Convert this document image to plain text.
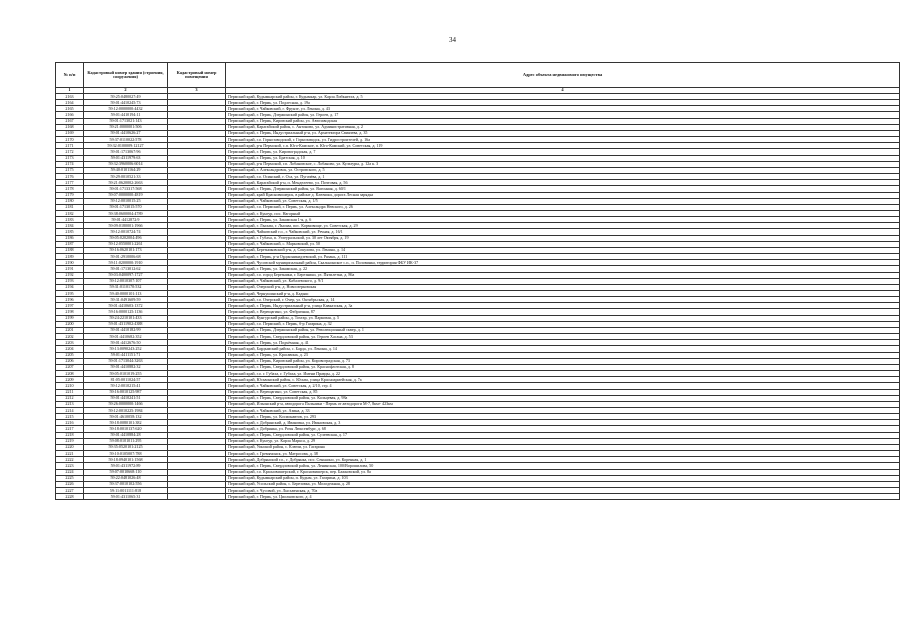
34
№ п/п	Кадастровый номер здания (строения, сооружения)	Кадастровый номер помещения	Адрес объекта недвижимого имущества
1	2	3	4
2163	59:25:0480027:49		Пермский край, Кудымкарский район, г. Кудымкар, ул. Карла Либкнехта, д. 5
2164	59:01:4410245:73		Пермский край, г. Пермь, ул. Подлесная, д. 19а
2165	59:12:0000000:4432		Пермский край, г. Чайковский, г. Фрунзе, ул. Ленина, д. 43
2166	59:01:4410194:11		Пермский край, г. Пермь, Дзержинский район, ул. Героев, д. 17
2167	59:01:1713021:143		Пермский край, г. Пермь, Кировский район, ул. Автозаводская
2168	59:21:0000001:506		Пермский край, Карагайский район, с. Антоново, ул. Административная, д. 2
2169	59:01:4410626:27		Пермский край, г. Пермь, Индустриальный р-н, ул. Архитектора Свиязева, д. 35
2170	59:37:0110022:578		Пермский край, г.о. Горнозаводский, г. Горнозаводск, ул. Гидростроителей, д. 16а
2171	59:32:0100009:12127		Пермский край, р-н Пермский, с.п. Юго-Камское, п. Юго-Камский, ул. Советская, д. 119
2172	59:01:1713067:96		Пермский край, г. Пермь, ул. Кировоградская, д. 7
2173	59:01:4311979:63		Пермский край, г. Пермь, ул. Братская, д. 10
2174	59:32:3960006:6014		Пермский край, р-н Пермский, г.п. Лобановское, с. Лобаново, ул. Культуры, д. 12а к. 3
2175	59:40:0101164:29		Пермский край, г. Александровск, ул. Островского, д. 5
2176	59:29:0010521:33		Пермский край, г.о. Осинский, г. Оса, ул. Пугачёва, д. 1
2177	59:21:0620002:2663		Пермский край, Карагайский р-н, п. Менделеево, ул. Почтовая, д. 56
2178	59:01:1713317:568		Пермский край, г. Пермь, Дзержинский район, ул. Вагонная, д. 60/1
2179	59:07:0000000:4819		Пермский край, край Красновишерск, в районе д. Ключики, дорога Лесная зарядка
2180	59:12:0010015:25		Пермский край, г. Чайковский, ул. Советская, д. 1/5
2181	59:01:1713015:570		Пермский край, г.о. Пермский, г. Пермь, ул. Александра Невского, д. 26
2182	59:38:0600004:4789		Пермский край, г. Кунгур, пос. Нагорный
2183	59:01:4412872:9		Пермский край, г. Пермь, ул. Закамская 1-я, д. 6
2184	59:09:0180001:1966		Пермский край, г. Лысьва, г. Лысьва, пос. Кормовище, ул. Советская, д. 29
2185	59:12:0010724:74		Пермский край, Чайковский г.о., г. Чайковский, ул. Речная, д. 16/1
2186	59:05:0202004:496		Пермский край, г. Губаха, п. Углеуральский, ул. 30 лет Октября, д. 19
2187	59:12:0550001:2261		Пермский край, г. Чайковский, с. Марковский, ул. 50
2188	59:16:0620101:173		Пермский край, Березниковский р-н, д. Сокулова, ул. Ленина, д. 14
2189	59:01:2910006:68		Пермский край, г. Пермь, р-н Орджоникидзевский, ул. Рязань, д. 111
2190	59:11:0200000:1910		Пермский край, Чусовской муниципальный район, Скальнинское с.п., п. Половинка, территория ФБУ ИК-37
2191	59:01:1713012:62		Пермский край, г. Пермь, ул. Закамская, д. 22
2192	59:03:0400097:1727		Пермский край, г.о. город Березники, г. Березники, ул. Пятилетки, д. 86а
2193	59:12:0010307:107		Пермский край, г. Чайковский, ул. Кабалевского, д. 9/1
2194	59:31:0110170:532		Пермский край, Очерский р-н, д. Новоозерковская
2195	59:40:0000101:113		Пермский край, Чернушинский р-н, д. Кадыш
2196	59:31:0491609:59		Пермский край, г.о. Очерский, г. Очер, ул. Октябрьская, д. 14
2197	59:01:4410603:1372		Пермский край, г. Пермь, Индустриальный р-н, улица Кавказская, д. 3а
2198	59:16:0000125:1136		Пермский край, г. Верещагино, ул. Фабричная, 87
2199	59:24:2210101:433		Пермский край, Кунгурский район, д. Тохтар, ул. Парковая, д. 5
2200	59:01:4311902:4388		Пермский край, г.о. Пермский, г. Пермь, б-р Гагарина, д. 32
2201	59:01:4410182:99		Пермский край, г. Пермь, Дзержинский район, ул. Революционный сквер, д. 1
2202	59:01:4410682:352		Пермский край, г. Пермь, Свердловский район, ул. Героев Хасана, д. 53
2203	59:01:4412676:50		Пермский край, г. Пермь, ул. Подъёмная, д. 41
2204	59:13:0090243:252		Пермский край, Бардымский район, с. Барда, ул. Ленина, д. 14
2205	59:01:4411151:71		Пермский край, г. Пермь, ул. Красавина, д. 23
2206	59:01:1713044:3263		Пермский край, г. Пермь, Кировский район, ул. Кировоградская, д. 73
2207	59:01:4410882:32		Пермский край, г. Пермь, Свердловский район, ул. Краснофлотская, д. 8
2208	59:05:0101019:255		Пермский край, г.о. г. Губаха, г. Губаха, ул. Имени Правды, д. 22
2209	81:05:0011024:57		Пермский край, Юсьвинский район, с. Юсьва, улица Красноармейская, д. 7а
2210	59:12:0010215:41		Пермский край, г. Чайковский, ул. Советская, д. 2/10, стр. 4
2211	59:16:0010125:987		Пермский край, г. Верещагино, ул. Советская, д. 85
2212	59:01:4410241:51		Пермский край, г. Пермь, Свердловский район, ул. Кольцевая, д. 98а
2213	59:26:0000000:1466		Пермский край, Ильинский р-н, автодорога Пальники - Пермь от автодороги М-7, 8км+ 423км
2214	59:12:0010225:1984		Пермский край, г. Чайковский, ул. Азина, д. 33
2215	59:01:4610058:132		Пермский край, г. Пермь, ул. Космонавтов, ул. 293
2216	59:18:0080101:382		Пермский край, г. Добрянский, д. Ивановка, ул. Ивановская, д. 3
2217	59:18:0010137:620		Пермский край, г. Добрянка, ул. Розы Люксембург, д. 68
2218	59:01:4410884:28		Пермский край, г. Пермь, Свердловский район, ул. Сулеевская, д. 17
2219	59:08:0101011:295		Пермский край, г. Кунгур, ул. Карла Маркса, д. 29
2220	59:35:0520101:2125		Пермский край, Уинский район, с. Ключи, ул. Гагарина
2221	59:10:0105007:788		Пермский край, г. Гремячинск, ул. Матросова, д. 38
2222	59:18:0940101:1568		Пермский край, Добрянский г.о., г. Добрянка, пос. Сенькино, ул. Коренная, д. 1
2223	59:01:4311972:89		Пермский край, г. Пермь, Свердловский район, ул. Ленинская, 100/Ворошилова, 50
2224	59:07:0010668:110		Пермский край, г.о. Красновишерский, г. Красновишерск, пер. Бажковский, ул. 8а
2225	59:22:0481026:48		Пермский край, Кудымкарский район, п. Кудым, ул. Гагарина, д. 103
2226	59:37:0010102:556		Пермский край, Усольский район, с. Березовка, ул. Молодежная, д. 28
2227	59:11:0011111:818		Пермский край, г. Чусовой, ул. Лысьвенская, д. 70а
2228	59:01:4311065:31		Пермский край, г. Пермь, ул. Циолковского, д. 4
